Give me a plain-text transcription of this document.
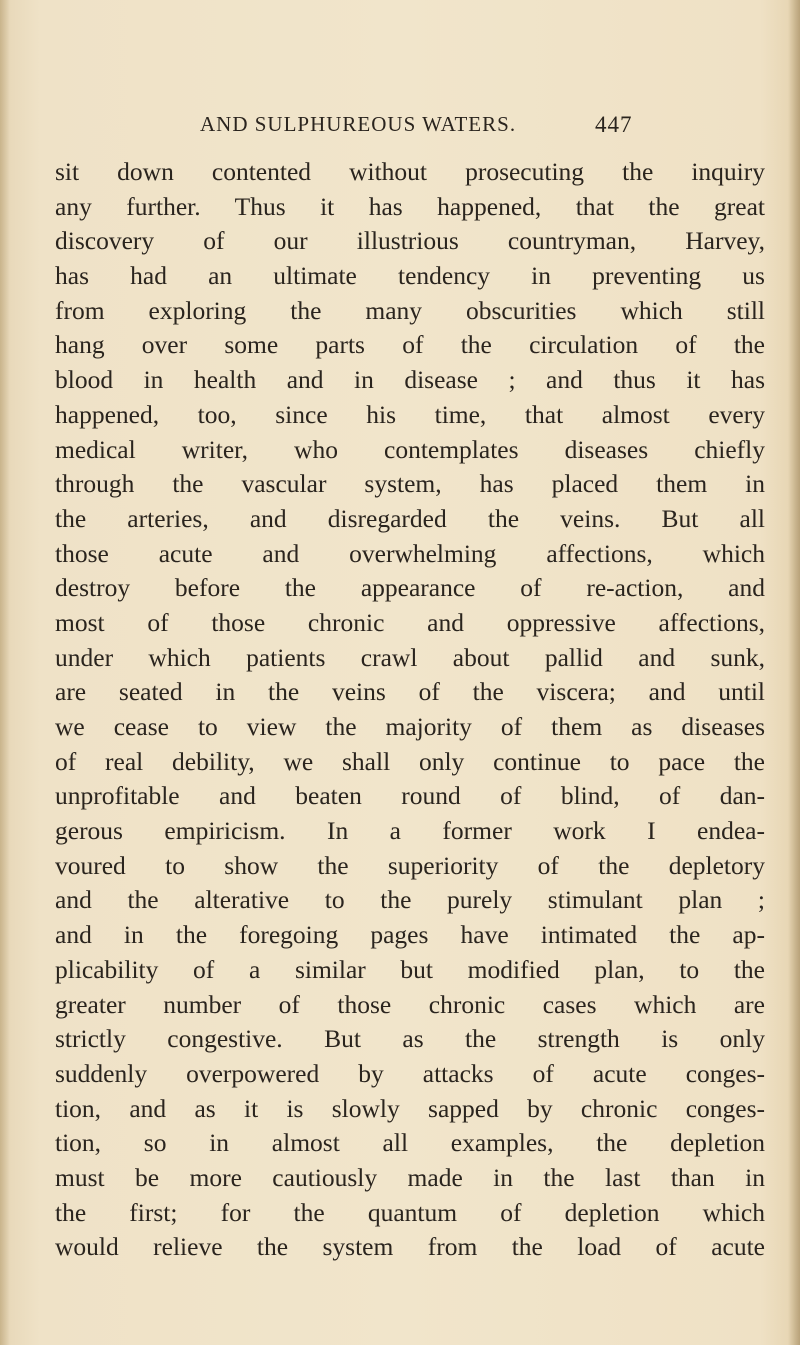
AND SULPHUREOUS WATERS.	447
sit down contented without prosecuting the inquiry
any further. Thus it has happened, that the great
discovery of our illustrious countryman, Harvey,
has had an ultimate tendency in preventing us
from exploring the many obscurities which still
hang over some parts of the circulation of the
blood in health and in disease ; and thus it has
happened, too, since his time, that almost every
medical writer, who contemplates diseases chiefly
through the vascular system, has placed them in
the arteries, and disregarded the veins. But all
those acute and overwhelming affections, which
destroy before the appearance of re-action, and
most of those chronic and oppressive affections,
under which patients crawl about pallid and sunk,
are seated in the veins of the viscera; and until
we cease to view the majority of them as diseases
of real debility, we shall only continue to pace the
unprofitable and beaten round of blind, of dan-
gerous empiricism. In a former work I endea-
voured to show the superiority of the depletory
and the alterative to the purely stimulant plan ;
and in the foregoing pages have intimated the ap-
plicability of a similar but modified plan, to the
greater number of those chronic cases which are
strictly congestive. But as the strength is only
suddenly overpowered by attacks of acute conges-
tion, and as it is slowly sapped by chronic conges-
tion, so in almost all examples, the depletion
must be more cautiously made in the last than in
the first; for the quantum of depletion which
would relieve the system from the load of acute
